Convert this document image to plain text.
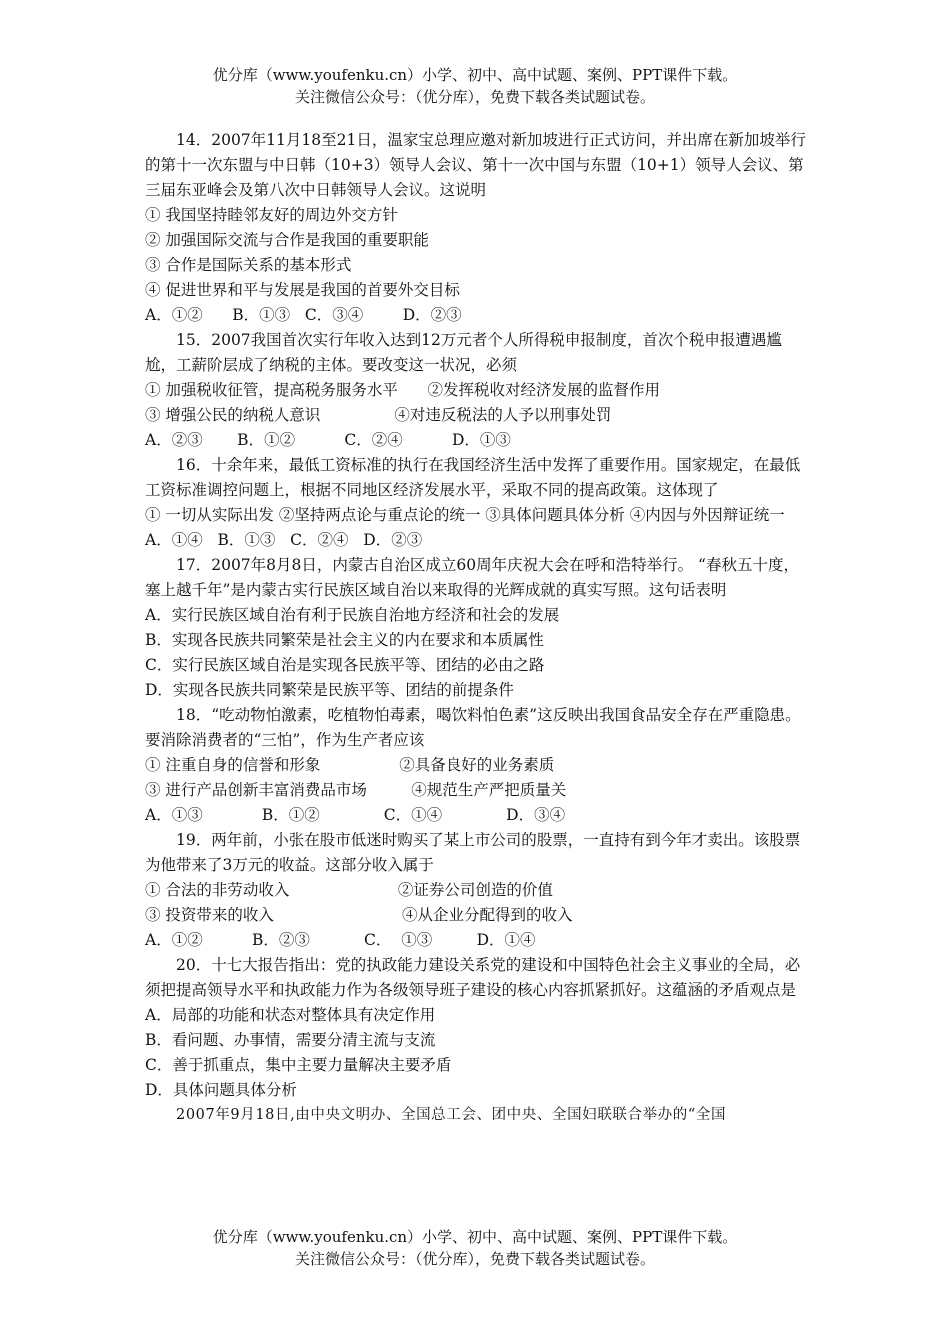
优分库（www.youfenku.cn）小学、初中、高中试题、案例、PPT课件下载。
关注微信公众号：（优分库），免费下载各类试题试卷。

14．2007年11月18至21日，温家宝总理应邀对新加坡进行正式访问，并出席在新加坡举行的第十一次东盟与中日韩（10+3）领导人会议、第十一次中国与东盟（10+1）领导人会议、第三届东亚峰会及第八次中日韩领导人会议。这说明

① 我国坚持睦邻友好的周边外交方针

② 加强国际交流与合作是我国的重要职能

③ 合作是国际关系的基本形式

④ 促进世界和平与发展是我国的首要外交目标

A．①②      B．①③   C．③④        D．②③

15．2007我国首次实行年收入达到12万元者个人所得税申报制度，首次个税申报遭遇尴尬，工薪阶层成了纳税的主体。要改变这一状况，必须

① 加强税收征管，提高税务服务水平      ②发挥税收对经济发展的监督作用

③ 增强公民的纳税人意识               ④对违反税法的人予以刑事处罚

A．②③       B．①②          C．②④          D．①③

16．十余年来，最低工资标准的执行在我国经济生活中发挥了重要作用。国家规定，在最低工资标准调控问题上，根据不同地区经济发展水平，采取不同的提高政策。这体现了

① 一切从实际出发 ②坚持两点论与重点论的统一 ③具体问题具体分析 ④内因与外因辩证统一

A．①④   B．①③   C．②④   D．②③

17．2007年8月8日，内蒙古自治区成立60周年庆祝大会在呼和浩特举行。 “春秋五十度，塞上越千年”是内蒙古实行民族区域自治以来取得的光辉成就的真实写照。这句话表明

A．实行民族区域自治有利于民族自治地方经济和社会的发展

B．实现各民族共同繁荣是社会主义的内在要求和本质属性

C．实行民族区域自治是实现各民族平等、团结的必由之路

D．实现各民族共同繁荣是民族平等、团结的前提条件

18．“吃动物怕激素，吃植物怕毒素，喝饮料怕色素”这反映出我国食品安全存在严重隐患。要消除消费者的“三怕”，作为生产者应该

① 注重自身的信誉和形象                ②具备良好的业务素质

③ 进行产品创新丰富消费品市场         ④规范生产严把质量关

A．①③            B．①②             C．①④             D．③④

19．两年前，小张在股市低迷时购买了某上市公司的股票，一直持有到今年才卖出。该股票为他带来了3万元的收益。这部分收入属于

① 合法的非劳动收入                      ②证券公司创造的价值

③ 投资带来的收入                          ④从企业分配得到的收入

A．①②          B．②③           C．  ①③         D．①④

20．十七大报告指出：党的执政能力建设关系党的建设和中国特色社会主义事业的全局，必须把提高领导水平和执政能力作为各级领导班子建设的核心内容抓紧抓好。这蕴涵的矛盾观点是

A．局部的功能和状态对整体具有决定作用

B．看问题、办事情，需要分清主流与支流

C．善于抓重点，集中主要力量解决主要矛盾

D．具体问题具体分析

2007年9月18日,由中央文明办、全国总工会、团中央、全国妇联联合举办的“全国

优分库（www.youfenku.cn）小学、初中、高中试题、案例、PPT课件下载。
关注微信公众号：（优分库），免费下载各类试题试卷。
